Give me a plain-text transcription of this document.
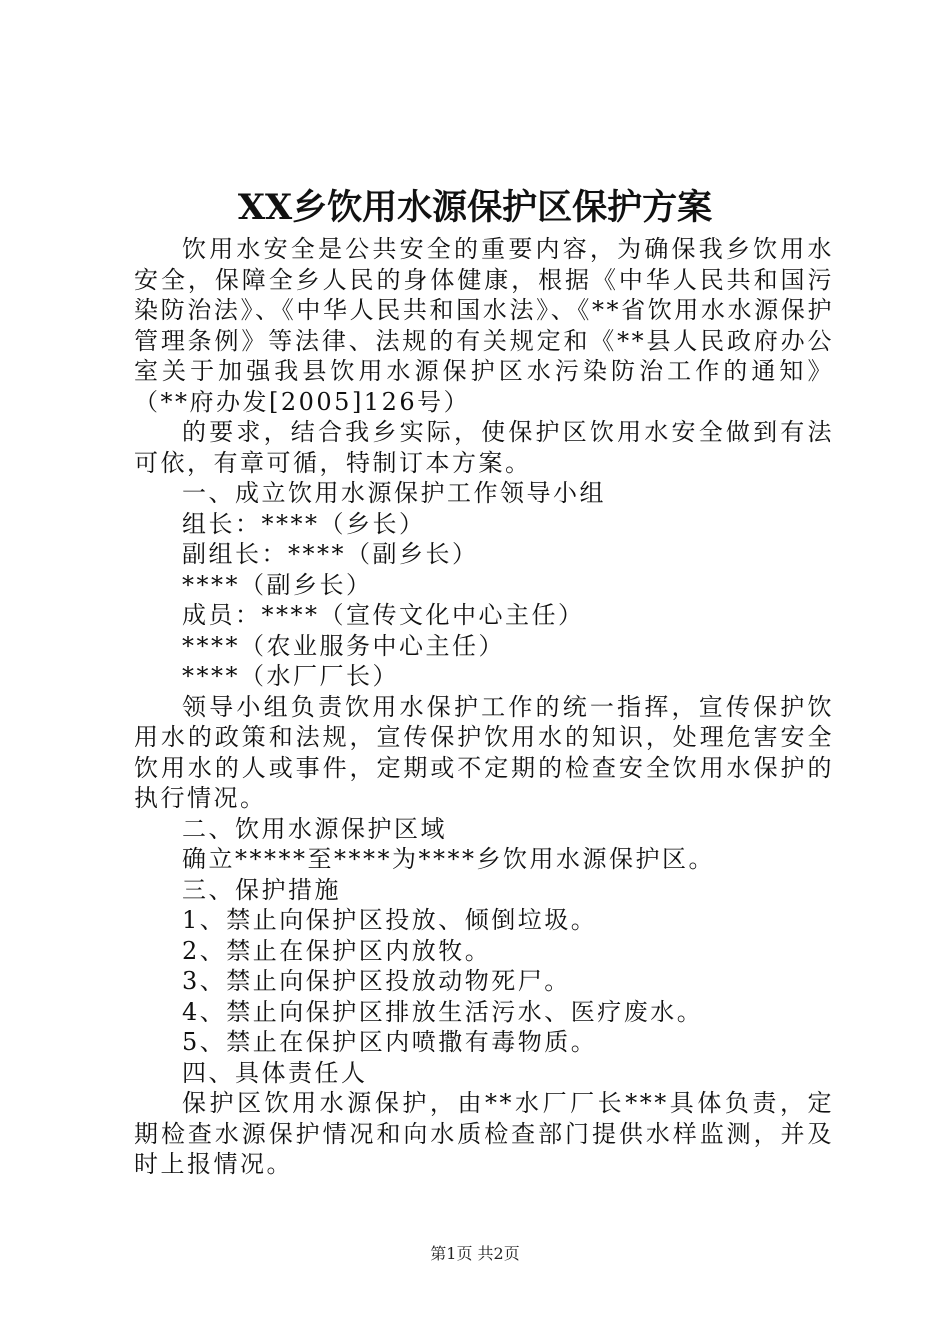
XX乡饮用水源保护区保护方案

饮用水安全是公共安全的重要内容，为确保我乡饮用水安全，保障全乡人民的身体健康，根据《中华人民共和国污染防治法》、《中华人民共和国水法》、《**省饮用水水源保护管理条例》等法律、法规的有关规定和《**县人民政府办公室关于加强我县饮用水源保护区水污染防治工作的通知》（**府办发[2005]126号）

的要求，结合我乡实际，使保护区饮用水安全做到有法可依，有章可循，特制订本方案。

一、成立饮用水源保护工作领导小组

组长：****（乡长）

副组长：****（副乡长）

****（副乡长）

成员：****（宣传文化中心主任）

****（农业服务中心主任）

****（水厂厂长）

领导小组负责饮用水保护工作的统一指挥，宣传保护饮用水的政策和法规，宣传保护饮用水的知识，处理危害安全饮用水的人或事件，定期或不定期的检查安全饮用水保护的执行情况。

二、饮用水源保护区域

确立*****至****为****乡饮用水源保护区。

三、保护措施

1、禁止向保护区投放、倾倒垃圾。

2、禁止在保护区内放牧。

3、禁止向保护区投放动物死尸。

4、禁止向保护区排放生活污水、医疗废水。

5、禁止在保护区内喷撒有毒物质。

四、具体责任人

保护区饮用水源保护，由**水厂厂长***具体负责，定期检查水源保护情况和向水质检查部门提供水样监测，并及时上报情况。

第1页 共2页
